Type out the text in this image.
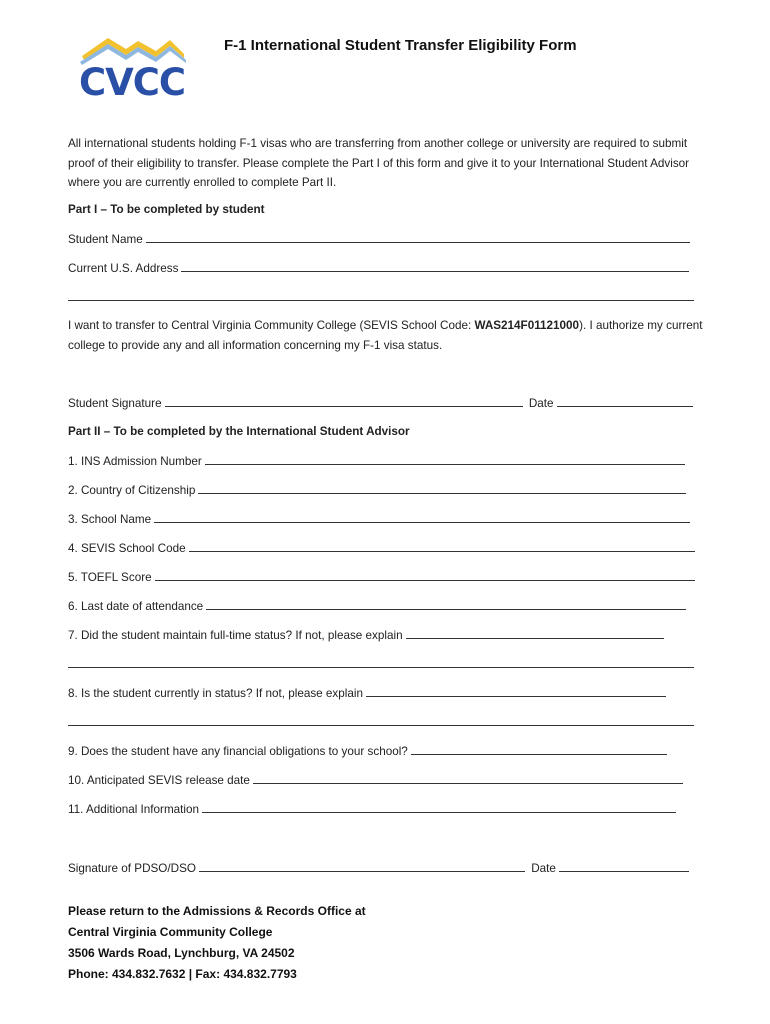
CVCC
F-1 International Student Transfer Eligibility Form
All international students holding F-1 visas who are transferring from another college or university are required to submit proof of their eligibility to transfer. Please complete the Part I of this form and give it to your International Student Advisor where you are currently enrolled to complete Part II.
Part I – To be completed by student
Student Name
Current U.S. Address
I want to transfer to Central Virginia Community College (SEVIS School Code: WAS214F01121000). I authorize my current college to provide any and all information concerning my F-1 visa status.
Student Signature	Date
Part II – To be completed by the International Student Advisor
1. INS Admission Number
2. Country of Citizenship
3. School Name
4. SEVIS School Code
5. TOEFL Score
6. Last date of attendance
7. Did the student maintain full-time status? If not, please explain
8. Is the student currently in status? If not, please explain
9. Does the student have any financial obligations to your school?
10. Anticipated SEVIS release date
11. Additional Information
Signature of PDSO/DSO	Date
Please return to the Admissions & Records Office at
Central Virginia Community College
3506 Wards Road, Lynchburg, VA 24502
Phone: 434.832.7632 | Fax: 434.832.7793
